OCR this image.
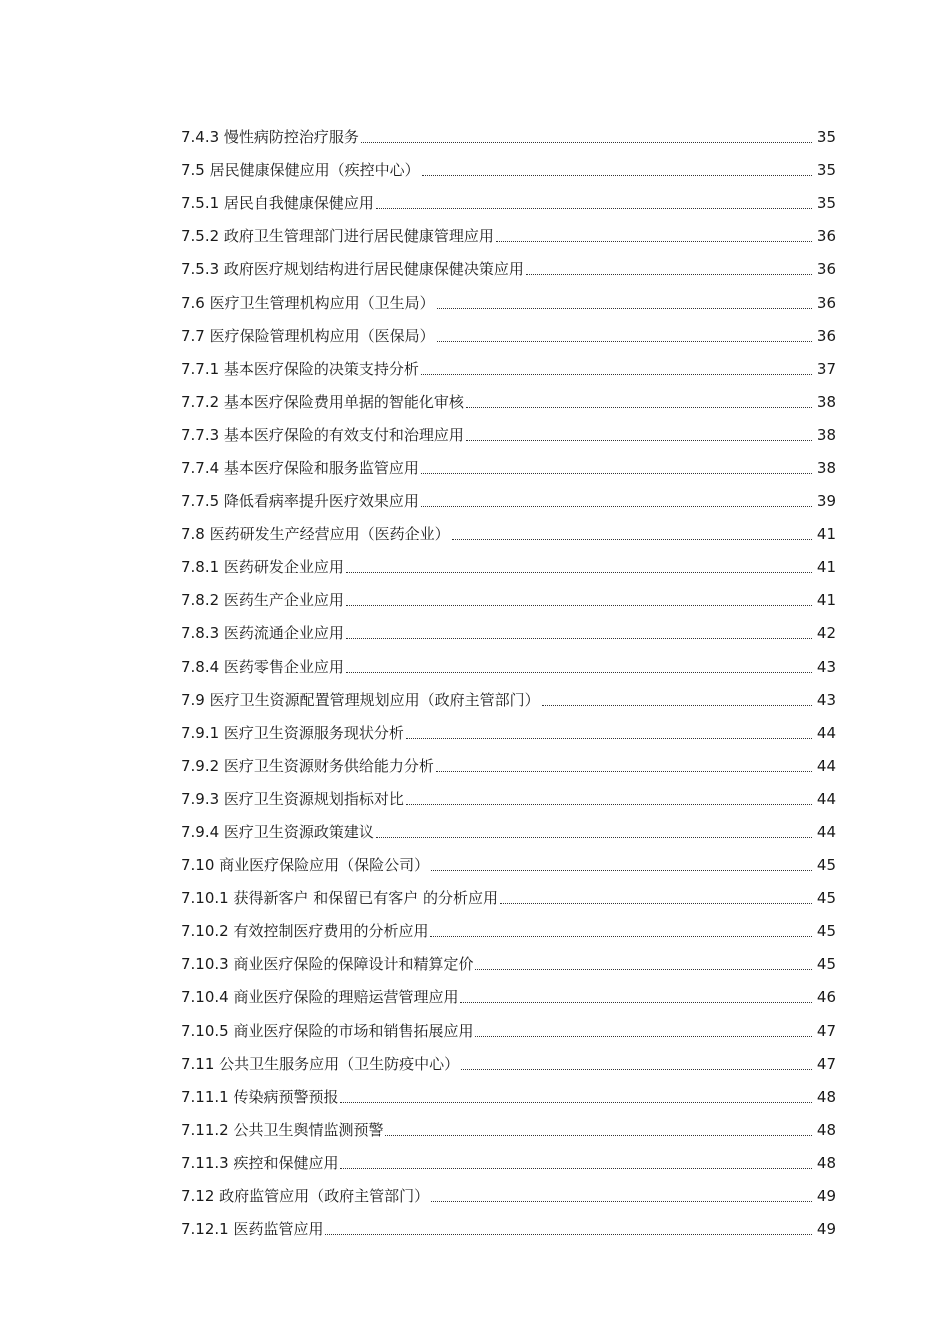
7.4.3 慢性病防控治疗服务	35
7.5 居民健康保健应用（疾控中心）	35
7.5.1 居民自我健康保健应用	35
7.5.2 政府卫生管理部门进行居民健康管理应用	36
7.5.3 政府医疗规划结构进行居民健康保健决策应用	36
7.6 医疗卫生管理机构应用（卫生局）	36
7.7 医疗保险管理机构应用（医保局）	36
7.7.1 基本医疗保险的决策支持分析	37
7.7.2 基本医疗保险费用单据的智能化审核	38
7.7.3 基本医疗保险的有效支付和治理应用	38
7.7.4 基本医疗保险和服务监管应用	38
7.7.5 降低看病率提升医疗效果应用	39
7.8 医药研发生产经营应用（医药企业）	41
7.8.1 医药研发企业应用	41
7.8.2 医药生产企业应用	41
7.8.3 医药流通企业应用	42
7.8.4 医药零售企业应用	43
7.9 医疗卫生资源配置管理规划应用（政府主管部门）	43
7.9.1 医疗卫生资源服务现状分析	44
7.9.2 医疗卫生资源财务供给能力分析	44
7.9.3 医疗卫生资源规划指标对比	44
7.9.4 医疗卫生资源政策建议	44
7.10 商业医疗保险应用（保险公司）	45
7.10.1 获得新客户 和保留已有客户 的分析应用	45
7.10.2 有效控制医疗费用的分析应用	45
7.10.3 商业医疗保险的保障设计和精算定价	45
7.10.4 商业医疗保险的理赔运营管理应用	46
7.10.5 商业医疗保险的市场和销售拓展应用	47
7.11 公共卫生服务应用（卫生防疫中心）	47
7.11.1 传染病预警预报	48
7.11.2 公共卫生舆情监测预警	48
7.11.3 疾控和保健应用	48
7.12 政府监管应用（政府主管部门）	49
7.12.1 医药监管应用	49
